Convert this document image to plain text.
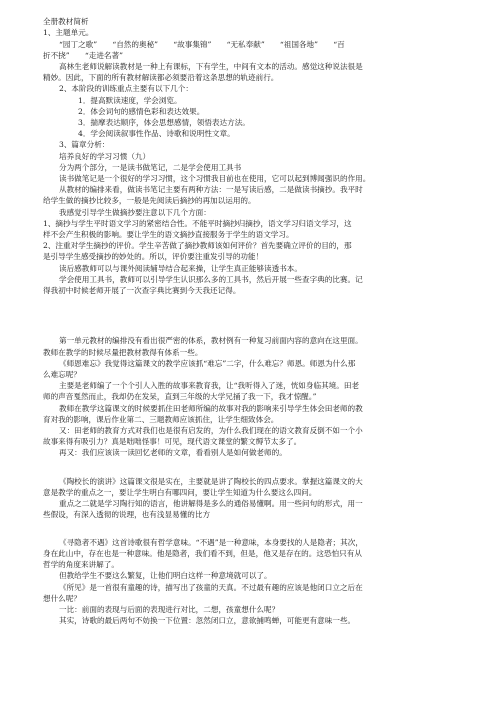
全册教材简析
1、主题单元。
“园丁之歌”　　“自然的奥秘”　　“故事集锦”　　“无私奉献”　　“祖国各地”　　“百
折不挠”　　“走进名著”
高林生老师说解读教材是一种上有课标，下有学生，中间有文本的活动。感觉这种说法很是
精妙。因此，下面的所有教材解读都必须要沿着这条思想的轨迹前行。
2、本阶段的训练重点主要有以下几个：
1．提高默读速度，学会浏览。
2．体会词句的感情色彩和表达效果。
3．揣摩表达顺序，体会思想感情，领悟表达方法。
4．学会阅读叙事性作品、诗歌和说明性文章。
3、篇章分析：
培养良好的学习习惯（九）
分为两个部分，一是读书做笔记，二是学会使用工具书
读书做笔记是一个很好的学习习惯，这个习惯我目前也在使用，它可以起到博闻强识的作用。
从教材的编排来看，做读书笔记主要有两种方法：一是写读后感，二是做读书摘抄。我平时
给学生做的摘抄比较多，一般是先阅读后摘抄的再加以运用的。
我感觉引导学生做摘抄要注意以下几个方面：
1、摘抄与学生平时语文学习的紧密结合性。不能平时摘抄归摘抄，语文学习归语文学习，这
样不会产生积极的影响。要让学生的语文摘抄直接服务于学生的语文学习。
2、注重对学生摘抄的评价。学生辛苦做了摘抄教师该如何评价？首先要确立评价的目的，那
是引导学生感受摘抄的妙处的。所以，评价要注重发引导的功能！
读后感教师可以与课外阅读辅导结合起来操，让学生真正能够读透书本。
学会使用工具书，教师可以引导学生认识那么多的工具书，然后开展一些查字典的比赛。记
得我初中时候老师开展了一次查字典比赛到今天我还记得。
第一单元教材的编排没有看出很严密的体系，教材例有一种复习前面内容的意向在这里面。
教师在教学的时候尽量把教材教得有体系一些。
《师恩难忘》我觉得这篇课文的教学应该抓“难忘”二字，什么难忘？师恩。师恩为什么那
么难忘呢？
主要是老师编了一个个引人入胜的故事来教育我，让“我听得入了迷，恍如身临其境。田老
师的声音戛然而止，我却仍在发呆，直到三年级的大学兄捅了我一下，我才惊醒。”
教师在教学这篇课文的时候要抓住田老师所编的故事对我的影响来引导学生体会田老师的教
育对我的影响，课后作业第二、三题教师应该抓住，让学生细致体会。
又：田老师的教育方式对我们也是很有启发的，为什么我们现在的语文教育反倒不如一个小
故事来得有吸引力？真是咄咄怪事！可见，现代语文课堂的繁文缛节太多了。
再又：我们应该读一读回忆老师的文章，看看别人是如何做老师的。
《陶校长的演讲》这篇课文很是实在，主要就是讲了陶校长的四点要求。掌握这篇课文的大
意是教学的重点之一，要让学生明白有哪四问，要让学生知道为什么要这么四问。
重点之二就是学习陶行知的语言，他讲解得是多么的通俗易懂啊。用一些问句的形式，用一
些假设，有深入透彻的说理，也有浅显易懂的比方
《寻隐者不遇》这首诗歌很有哲学意味。“不遇”是一种意味，本身要找的人是隐者；其次，
身在此山中，存在也是一种意味。他是隐者，我们看不到，但是，他又是存在的。这恐怕只有从
哲学的角度来讲解了。
但教给学生不要这么繁复，让他们明白这样一种意境就可以了。
《所见》是一首很有童趣的诗，描写出了孩童的天真。不过最有趣的应该是他闭口立之后在
想什么呢？
一比：前面的表现与后面的表现进行对比，二想，孩童想什么呢？
其实，诗歌的最后两句不妨换一下位置：忽然闭口立，意欲捕鸣蝉，可能更有意味一些。
